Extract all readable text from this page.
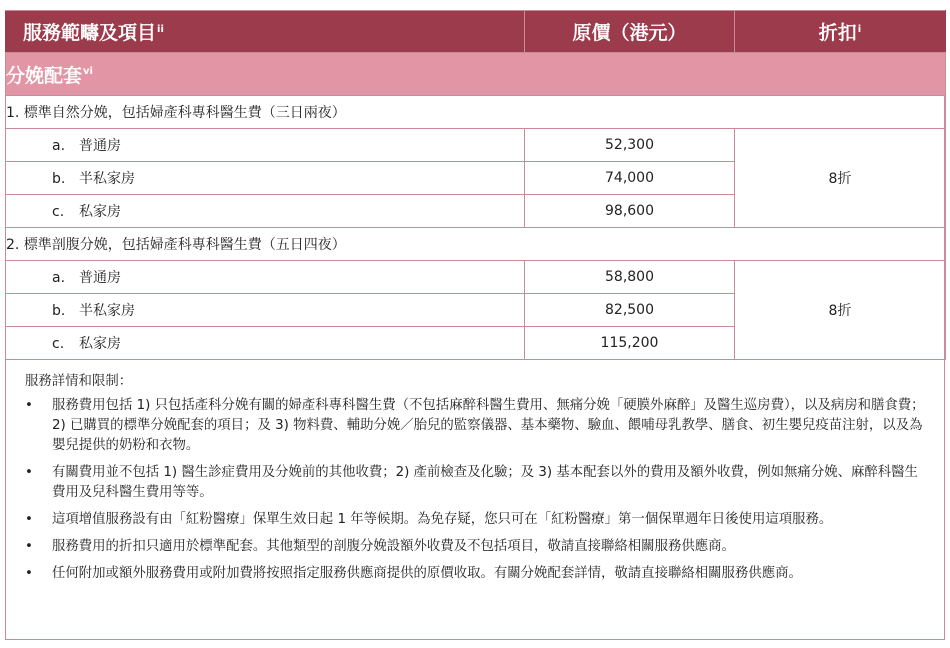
服務範疇及項目$^{ii}$	原價（港元）	折扣$^i$
分娩配套$^{vi}$
1. 標準自然分娩，包括婦產科專科醫生費（三日兩夜）		
a. 普通房	52,300	8折
b. 半私家房	74,000	
c. 私家房	98,600	
2. 標準剖腹分娩，包括婦產科專科醫生費（五日四夜）		
a. 普通房	58,800	8折
b. 半私家房	82,500	
c. 私家房	115,200	
服務詳情和限制：
• 服務費用包括 1) 只包括產科分娩有關的婦產科專科醫生費（不包括麻醉科醫生費用、無痛分娩「硬膜外麻醉」及醫生巡房費），以及病房和膳食費；2) 已購買的標準分娩配套的項目；及 3) 物料費、輔助分娩／胎兒的監察儀器、基本藥物、驗血、餵哺母乳教學、膳食、初生嬰兒疫苗注射，以及為嬰兒提供的奶粉和衣物。
• 有關費用並不包括 1) 醫生診症費用及分娩前的其他收費；2) 產前檢查及化驗；及 3) 基本配套以外的費用及額外收費，例如無痛分娩、麻醉科醫生費用及兒科醫生費用等等。
• 這項增值服務設有由「紅粉醫療」保單生效日起 1 年等候期。為免存疑，您只可在「紅粉醫療」第一個保單週年日後使用這項服務。
• 服務費用的折扣只適用於標準配套。其他類型的剖腹分娩設額外收費及不包括項目，敬請直接聯絡相關服務供應商。
• 任何附加或額外服務費用或附加費將按照指定服務供應商提供的原價收取。有關分娩配套詳情，敬請直接聯絡相關服務供應商。
